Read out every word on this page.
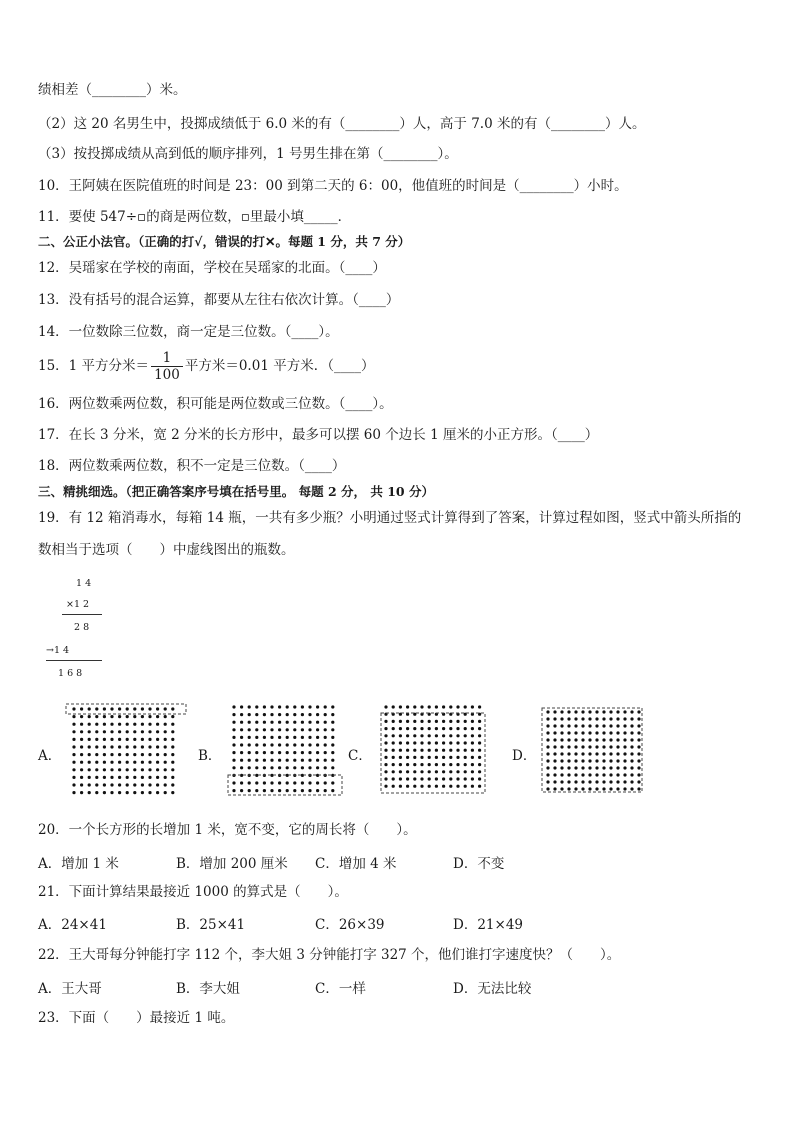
绩相差（________）米。
（2）这 20 名男生中，投掷成绩低于 6.0 米的有（________）人，高于 7.0 米的有（________）人。
（3）按投掷成绩从高到低的顺序排列，1 号男生排在第（________）。
10．王阿姨在医院值班的时间是 23：00 到第二天的 6：00，他值班的时间是（________）小时。
11．要使 547÷▫的商是两位数，▫里最小填_____．
二、公正小法官。（正确的打√，错误的打✕。每题 1 分，共 7 分）
12．吴瑶家在学校的南面，学校在吴瑶家的北面。（____）
13．没有括号的混合运算，都要从左往右依次计算。（____）
14．一位数除三位数，商一定是三位数。（____）。
15．1 平方分米＝ $\frac{1}{100}$ 平方米＝0.01 平方米．（____）
16．两位数乘两位数，积可能是两位数或三位数。（____）。
17．在长 3 分米，宽 2 分米的长方形中，最多可以摆 60 个边长 1 厘米的小正方形。（____）
18．两位数乘两位数，积不一定是三位数。（____）
三、精挑细选。（把正确答案序号填在括号里。 每题 2 分， 共 10 分）
19．有 12 箱消毒水，每箱 14 瓶，一共有多少瓶？小明通过竖式计算得到了答案，计算过程如图，竖式中箭头所指的
数相当于选项（　　）中虚线图出的瓶数。
1 4
×1 2
2 8
→1 4
1 6 8
A．	B．	C．	D．
20．一个长方形的长增加 1 米，宽不变，它的周长将（　　）。
A．增加 1 米	B．增加 200 厘米 C．增加 4 米	D．不变
21．下面计算结果最接近 1000 的算式是（　　）。
A．24×41	B．25×41	C．26×39	D．21×49
22．王大哥每分钟能打字 112 个，李大姐 3 分钟能打字 327 个，他们谁打字速度快？（　　）。
A．王大哥	B．李大姐	C．一样	D．无法比较
23．下面（　　）最接近 1 吨。
